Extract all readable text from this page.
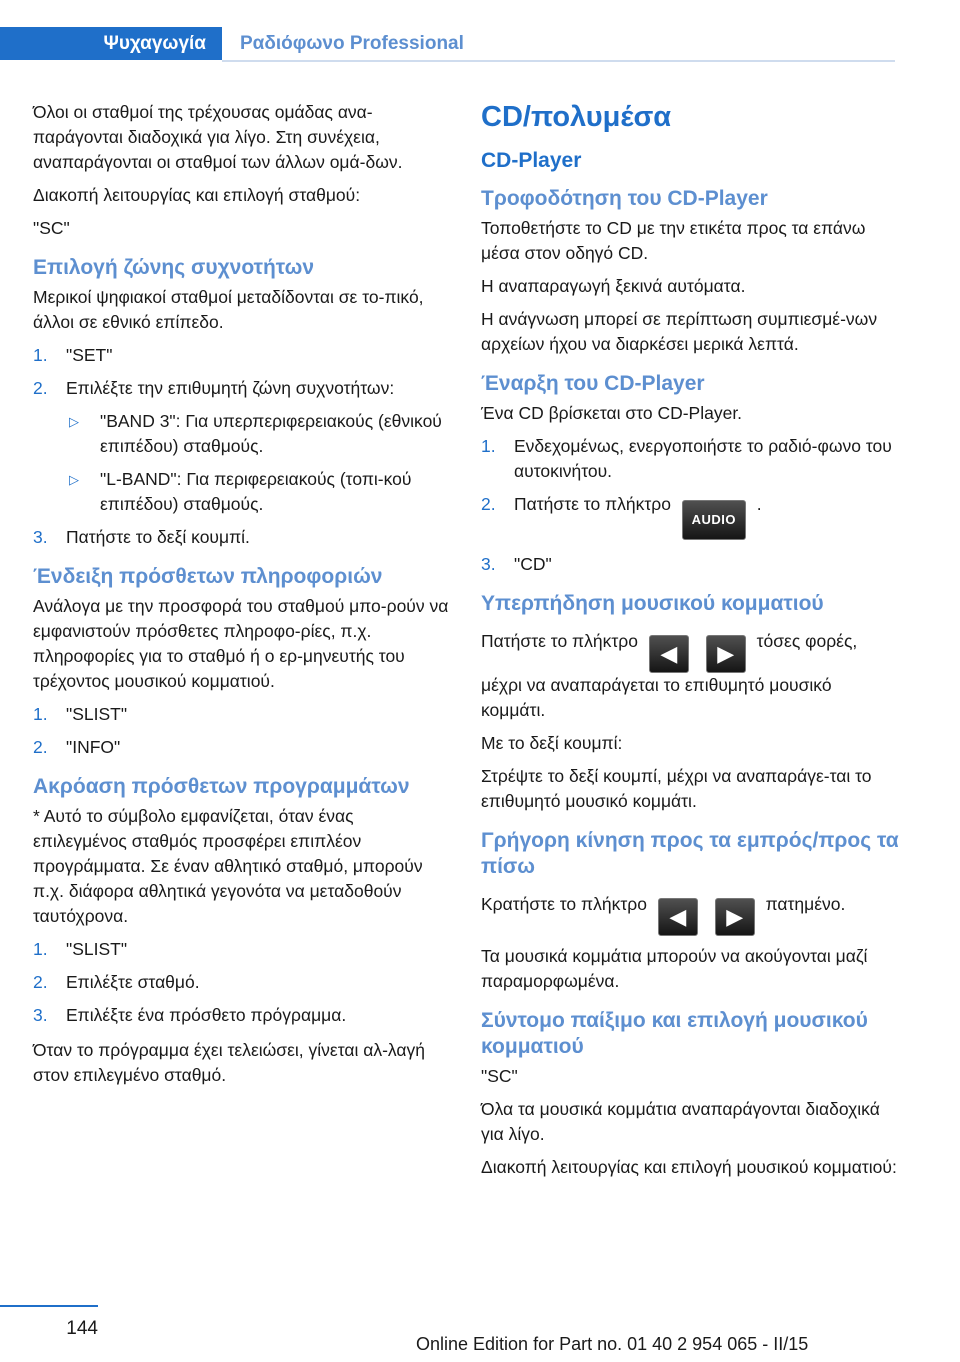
Ψυχαγωγία	Ραδιόφωνο Professional

Όλοι οι σταθμοί της τρέχουσας ομάδας ανα‐παράγονται διαδοχικά για λίγο. Στη συνέχεια, αναπαράγονται οι σταθμοί των άλλων ομά‐δων.

Διακοπή λειτουργίας και επιλογή σταθμού:

"SC"

Επιλογή ζώνης συχνοτήτων

Μερικοί ψηφιακοί σταθμοί μεταδίδονται σε το‐πικό, άλλοι σε εθνικό επίπεδο.

1. "SET"
2. Επιλέξτε την επιθυμητή ζώνη συχνοτήτων:
▷ "BAND 3": Για υπερπεριφερειακούς (εθνικού επιπέδου) σταθμούς.
▷ "L-BAND": Για περιφερειακούς (τοπι‐κού επιπέδου) σταθμούς.
3. Πατήστε το δεξί κουμπί.
Ένδειξη πρόσθετων πληροφοριών

Ανάλογα με την προσφορά του σταθμού μπο‐ρούν να εμφανιστούν πρόσθετες πληροφο‐ρίες, π.χ. πληροφορίες για το σταθμό ή ο ερ‐μηνευτής του τρέχοντος μουσικού κομματιού.

1. "SLIST"
2. "INFO"
Ακρόαση πρόσθετων προγραμμάτων

* Αυτό το σύμβολο εμφανίζεται, όταν ένας επιλεγμένος σταθμός προσφέρει επιπλέον προγράμματα. Σε έναν αθλητικό σταθμό, μπορούν π.χ. διάφορα αθλητικά γεγονότα να μεταδοθούν ταυτόχρονα.

1. "SLIST"
2. Επιλέξτε σταθμό.
3. Επιλέξτε ένα πρόσθετο πρόγραμμα.

Όταν το πρόγραμμα έχει τελειώσει, γίνεται αλ‐λαγή στον επιλεγμένο σταθμό.

CD/πολυμέσα
CD-Player
Τροφοδότηση του CD-Player

Τοποθετήστε το CD με την ετικέτα προς τα επάνω μέσα στον οδηγό CD.

Η αναπαραγωγή ξεκινά αυτόματα.

Η ανάγνωση μπορεί σε περίπτωση συμπιεσμέ‐νων αρχείων ήχου να διαρκέσει μερικά λεπτά.

Έναρξη του CD-Player

Ένα CD βρίσκεται στο CD-Player.

1. Ενδεχομένως, ενεργοποιήστε το ραδιό‐φωνο του αυτοκινήτου.
2. Πατήστε το πλήκτρο AUDIO .
3. "CD"
Υπερπήδηση μουσικού κομματιού

Πατήστε το πλήκτρο ◀ ▶ τόσες φορές, μέχρι να αναπαράγεται το επιθυμητό μουσικό κομμάτι.

Με το δεξί κουμπί:

Στρέψτε το δεξί κουμπί, μέχρι να αναπαράγε‐ται το επιθυμητό μουσικό κομμάτι.

Γρήγορη κίνηση προς τα εμπρός/προς τα πίσω

Κρατήστε το πλήκτρο ◀ ▶ πατημένο.

Τα μουσικά κομμάτια μπορούν να ακούγονται μαζί παραμορφωμένα.

Σύντομο παίξιμο και επιλογή μουσικού κομματιού

"SC"

Όλα τα μουσικά κομμάτια αναπαράγονται διαδοχικά για λίγο.

Διακοπή λειτουργίας και επιλογή μουσικού κομματιού:

144
Online Edition for Part no. 01 40 2 954 065 - II/15
